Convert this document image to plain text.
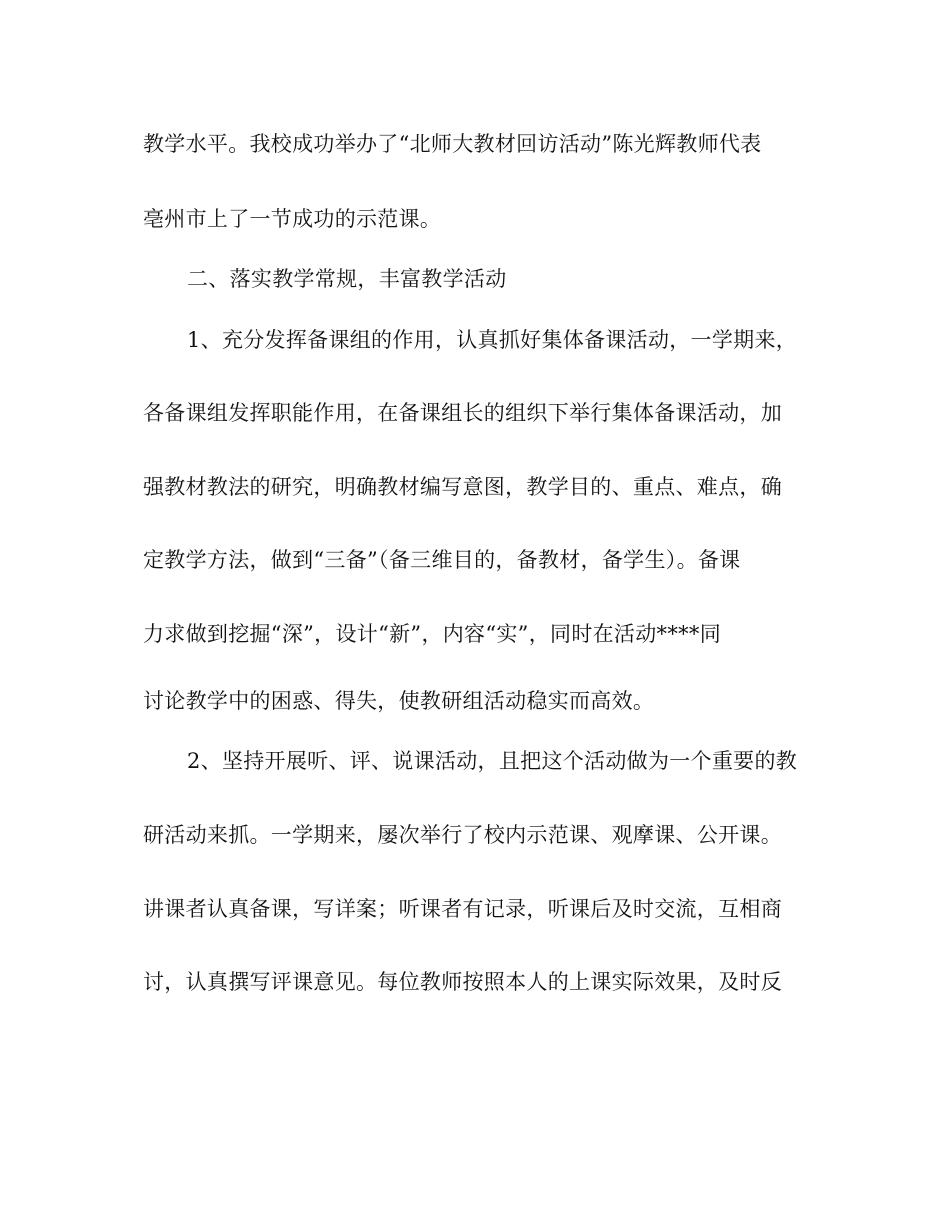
教学水平。我校成功举办了“北师大教材回访活动”陈光辉教师代表
亳州市上了一节成功的示范课。
二、落实教学常规，丰富教学活动
1、充分发挥备课组的作用，认真抓好集体备课活动，一学期来，
各备课组发挥职能作用，在备课组长的组织下举行集体备课活动，加
强教材教法的研究，明确教材编写意图，教学目的、重点、难点，确
定教学方法，做到“三备”（备三维目的，备教材，备学生）。备课
力求做到挖掘“深”，设计“新”，内容“实”，同时在活动****同
讨论教学中的困惑、得失，使教研组活动稳实而高效。
2、坚持开展听、评、说课活动，且把这个活动做为一个重要的教
研活动来抓。一学期来，屡次举行了校内示范课、观摩课、公开课。
讲课者认真备课，写详案；听课者有记录，听课后及时交流，互相商
讨，认真撰写评课意见。每位教师按照本人的上课实际效果，及时反
